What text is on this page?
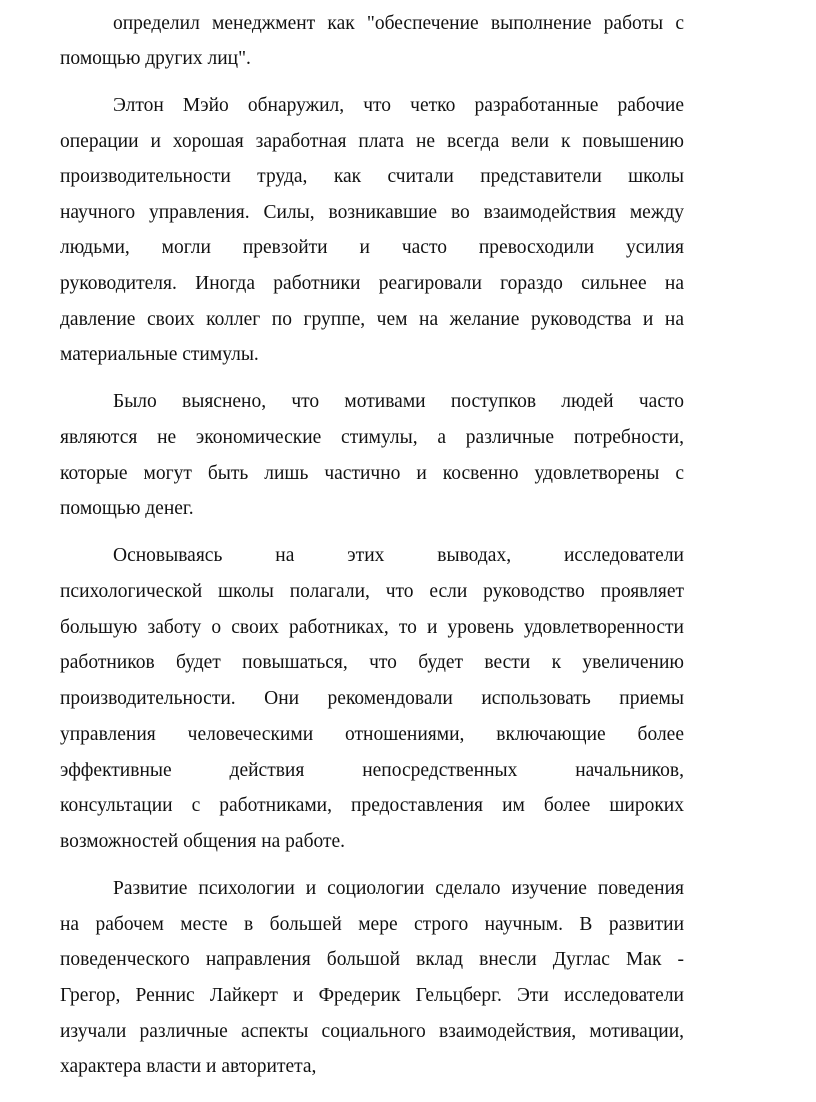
определил менеджмент как "обеспечение выполнение работы с
помощью других лиц".
Элтон Мэйо обнаружил, что четко разработанные рабочие
операции и хорошая заработная плата не всегда вели к повышению
производительности труда, как считали представители школы
научного управления. Силы, возникавшие во взаимодействия между
людьми, могли превзойти и часто превосходили усилия
руководителя. Иногда работники реагировали гораздо сильнее на
давление своих коллег по группе, чем на желание руководства и на
материальные стимулы.
Было выяснено, что мотивами поступков людей часто
являются не экономические стимулы, а различные потребности,
которые могут быть лишь частично и косвенно удовлетворены с
помощью денег.
Основываясь на этих выводах, исследователи
психологической школы полагали, что если руководство проявляет
большую заботу о своих работниках, то и уровень удовлетворенности
работников будет повышаться, что будет вести к увеличению
производительности. Они рекомендовали использовать приемы
управления человеческими отношениями, включающие более
эффективные действия непосредственных начальников,
консультации с работниками, предоставления им более широких
возможностей общения на работе.
Развитие психологии и социологии сделало изучение поведения
на рабочем месте в большей мере строго научным. В развитии
поведенческого направления большой вклад внесли Дуглас Мак -
Грегор, Реннис Лайкерт и Фредерик Гельцберг. Эти исследователи
изучали различные аспекты социального взаимодействия, мотивации,
характера власти и авторитета,
